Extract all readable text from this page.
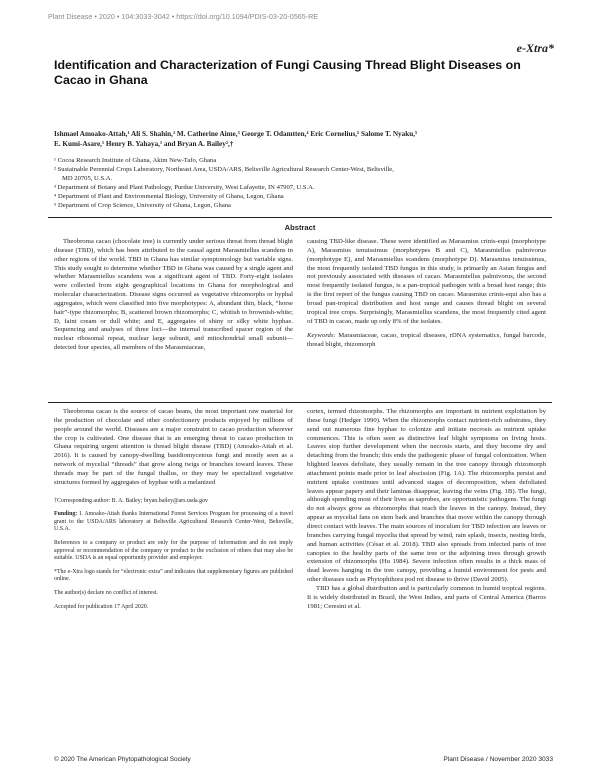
Plant Disease • 2020 • 104:3033-3042 • https://doi.org/10.1094/PDIS-03-20-0565-RE
e-Xtra*
Identification and Characterization of Fungi Causing Thread Blight Diseases on Cacao in Ghana
Ishmael Amoako-Attah,¹ Ali S. Shahin,² M. Catherine Aime,³ George T. Odamtten,⁴ Eric Cornelius,⁵ Salome T. Nyaku,⁵
E. Kumi-Asare,¹ Henry B. Yahaya,¹ and Bryan A. Bailey²,†
¹ Cocoa Research Institute of Ghana, Akim New-Tafo, Ghana
² Sustainable Perennial Crops Laboratory, Northeast Area, USDA/ARS, Beltsville Agricultural Research Center-West, Beltsville,
MD 20705, U.S.A.
³ Department of Botany and Plant Pathology, Purdue University, West Lafayette, IN 47907, U.S.A.
⁴ Department of Plant and Environmental Biology, University of Ghana, Legon, Ghana
⁵ Department of Crop Science, University of Ghana, Legon, Ghana
Abstract

Theobroma cacao (chocolate tree) is currently under serious threat from thread blight disease (TBD), which has been attributed to the causal agent Marasmiellus scandens in other regions of the world. TBD in Ghana has similar symptomology but variable signs. This study sought to determine whether TBD in Ghana was caused by a single agent and whether Marasmiellus scandens was a significant agent of TBD. Forty-eight isolates were collected from eight geographical locations in Ghana for morphological and molecular characterization. Disease signs occurred as vegetative rhizomorphs or hyphal aggregates, which were classified into five morphotypes: A, abundant thin, black, “horse hair”-type rhizomorphs; B, scattered brown rhizomorphs; C, whitish to brownish-white; D, faint cream or dull white; and E, aggregates of shiny or silky white hyphae. Sequencing and analyses of three loci—the internal transcribed spacer region of the nuclear ribosomal repeat, nuclear large subunit, and mitochondrial small subunit—detected four species, all members of the Marasmiaceae,

causing TBD-like disease. These were identified as Marasmius crinis-equi (morphotype A), Marasmius tenuissimus (morphotypes B and C), Marasmiellus palmivorus (morphotype E), and Marasmiellus scandens (morphotype D). Marasmius tenuissimus, the most frequently isolated TBD fungus in this study, is primarily an Asian fungus and not previously associated with diseases of cacao. Marasmiellus palmivorus, the second most frequently isolated fungus, is a pan-tropical pathogen with a broad host range; this is the first report of the fungus causing TBD on cacao. Marasmius crinis-equi also has a broad pan-tropical distribution and host range and causes thread blight on several tropical tree crops. Surprisingly, Marasmiellus scandens, the most frequently cited agent of TBD in cacao, made up only 8% of the isolates.

Keywords: Marasmiaceae, cacao, tropical diseases, rDNA systematics, fungal barcode, thread blight, rhizomorph

Theobroma cacao is the source of cacao beans, the most important raw material for the production of chocolate and other confectionery products enjoyed by millions of people around the world. Diseases are a major constraint to cacao production wherever the crop is cultivated. One disease that is an emerging threat to cacao production in Ghana requiring urgent attention is thread blight disease (TBD) (Amoako-Attah et al. 2016). It is caused by canopy-dwelling basidiomycetous fungi and mostly seen as a network of mycelial “threads” that grow along twigs or branches toward leaves. These threads may be part of the fungal thallus, or they may be specialized vegetative structures formed by aggregates of hyphae with a melanized

†Corresponding author: B. A. Bailey; bryan.bailey@ars.usda.gov

Funding: I. Amoako-Attah thanks International Forest Services Program for processing of a travel grant to the USDA/ARS laboratory at Beltsville Agricultural Research Center-West, Beltsville, U.S.A.

References to a company or product are only for the purpose of information and do not imply approval or recommendation of the company or product to the exclusion of others that may also be suitable. USDA is an equal opportunity provider and employer.

*The e-Xtra logo stands for “electronic extra” and indicates that supplementary figures are published online.

The author(s) declare no conflict of interest.

Accepted for publication 17 April 2020.

cortex, termed rhizomorphs. The rhizomorphs are important in nutrient exploitation by these fungi (Hedger 1990). When the rhizomorphs contact nutrient-rich substrates, they send out numerous fine hyphae to colonize and initiate necrosis as nutrient uptake commences. This is often seen as distinctive leaf blight symptoms on living hosts. Leaves stop further development when the necrosis starts, and they become dry and detaching from the branch; this ends the pathogenic phase of fungal colonization. When blighted leaves defoliate, they usually remain in the tree canopy through rhizomorph attachment points made prior to leaf abscission (Fig. 1A). The rhizomorphs persist and nutrient uptake continues until advanced stages of decomposition, when defoliated leaves appear papery and their laminas disappear, leaving the veins (Fig. 1B). The fungi, although spending most of their lives as saprobes, are opportunistic pathogens. The fungi do not always grow as rhizomorphs that reach the leaves in the canopy. Instead, they appear as mycelial fans on stem bark and branches that move within the canopy through direct contact with leaves. The main sources of inoculum for TBD infection are leaves or branches carrying fungal mycelia that spread by wind, rain splash, insects, nesting birds, and human activities (César et al. 2018). TBD also spreads from infected parts of tree canopies to the healthy parts of the same tree or the adjoining trees through growth extension of rhizomorphs (Hu 1984). Severe infection often results in a thick mass of dead leaves hanging in the tree canopy, providing a humid environment for pests and other diseases such as Phytophthora pod rot disease to thrive (David 2005).

TBD has a global distribution and is particularly common in humid tropical regions. It is widely distributed in Brazil, the West Indies, and parts of Central America (Barros 1981; Ceresini et al.

© 2020 The American Phytopathological Society	Plant Disease / November 2020 3033
